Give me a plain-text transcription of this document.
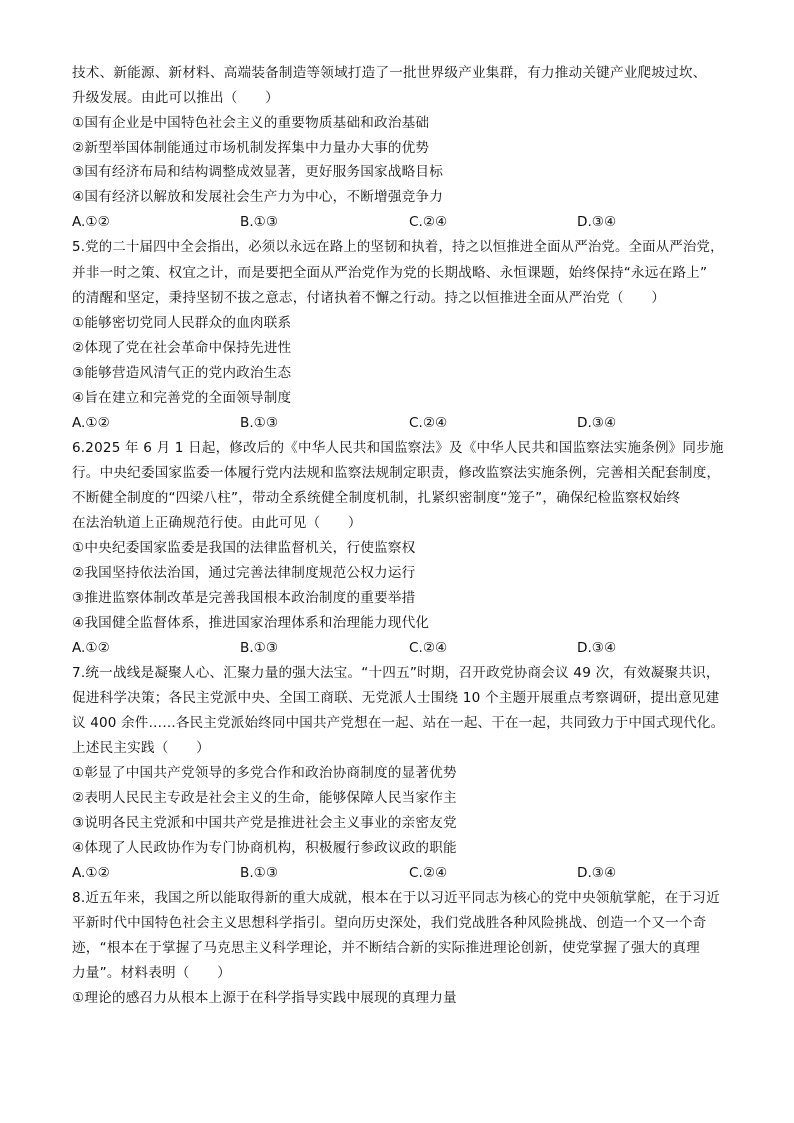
技术、新能源、新材料、高端装备制造等领域打造了一批世界级产业集群，有力推动关键产业爬坡过坎、
升级发展。由此可以推出（　　）
①国有企业是中国特色社会主义的重要物质基础和政治基础
②新型举国体制能通过市场机制发挥集中力量办大事的优势
③国有经济布局和结构调整成效显著，更好服务国家战略目标
④国有经济以解放和发展社会生产力为中心，不断增强竞争力
A.①②	B.①③	C.②④	D.③④
5.党的二十届四中全会指出，必须以永远在路上的坚韧和执着，持之以恒推进全面从严治党。全面从严治党，
并非一时之策、权宜之计，而是要把全面从严治党作为党的长期战略、永恒课题，始终保持“永远在路上”
的清醒和坚定，秉持坚韧不拔之意志，付诸执着不懈之行动。持之以恒推进全面从严治党（　　）
①能够密切党同人民群众的血肉联系
②体现了党在社会革命中保持先进性
③能够营造风清气正的党内政治生态
④旨在建立和完善党的全面领导制度
A.①②	B.①③	C.②④	D.③④
6.2025 年 6 月 1 日起，修改后的《中华人民共和国监察法》及《中华人民共和国监察法实施条例》同步施
行。中央纪委国家监委一体履行党内法规和监察法规制定职责，修改监察法实施条例，完善相关配套制度，
不断健全制度的“四梁八柱”，带动全系统健全制度机制，扎紧织密制度“笼子”，确保纪检监察权始终
在法治轨道上正确规范行使。由此可见（　　）
①中央纪委国家监委是我国的法律监督机关，行使监察权
②我国坚持依法治国，通过完善法律制度规范公权力运行
③推进监察体制改革是完善我国根本政治制度的重要举措
④我国健全监督体系，推进国家治理体系和治理能力现代化
A.①②	B.①③	C.②④	D.③④
7.统一战线是凝聚人心、汇聚力量的强大法宝。“十四五”时期，召开政党协商会议 49 次，有效凝聚共识，
促进科学决策；各民主党派中央、全国工商联、无党派人士围绕 10 个主题开展重点考察调研，提出意见建
议 400 余件……各民主党派始终同中国共产党想在一起、站在一起、干在一起，共同致力于中国式现代化。
上述民主实践（　　）
①彰显了中国共产党领导的多党合作和政治协商制度的显著优势
②表明人民民主专政是社会主义的生命，能够保障人民当家作主
③说明各民主党派和中国共产党是推进社会主义事业的亲密友党
④体现了人民政协作为专门协商机构，积极履行参政议政的职能
A.①②	B.①③	C.②④	D.③④
8.近五年来，我国之所以能取得新的重大成就，根本在于以习近平同志为核心的党中央领航掌舵，在于习近
平新时代中国特色社会主义思想科学指引。望向历史深处，我们党战胜各种风险挑战、创造一个又一个奇
迹，“根本在于掌握了马克思主义科学理论，并不断结合新的实际推进理论创新，使党掌握了强大的真理
力量”。材料表明（　　）
①理论的感召力从根本上源于在科学指导实践中展现的真理力量
